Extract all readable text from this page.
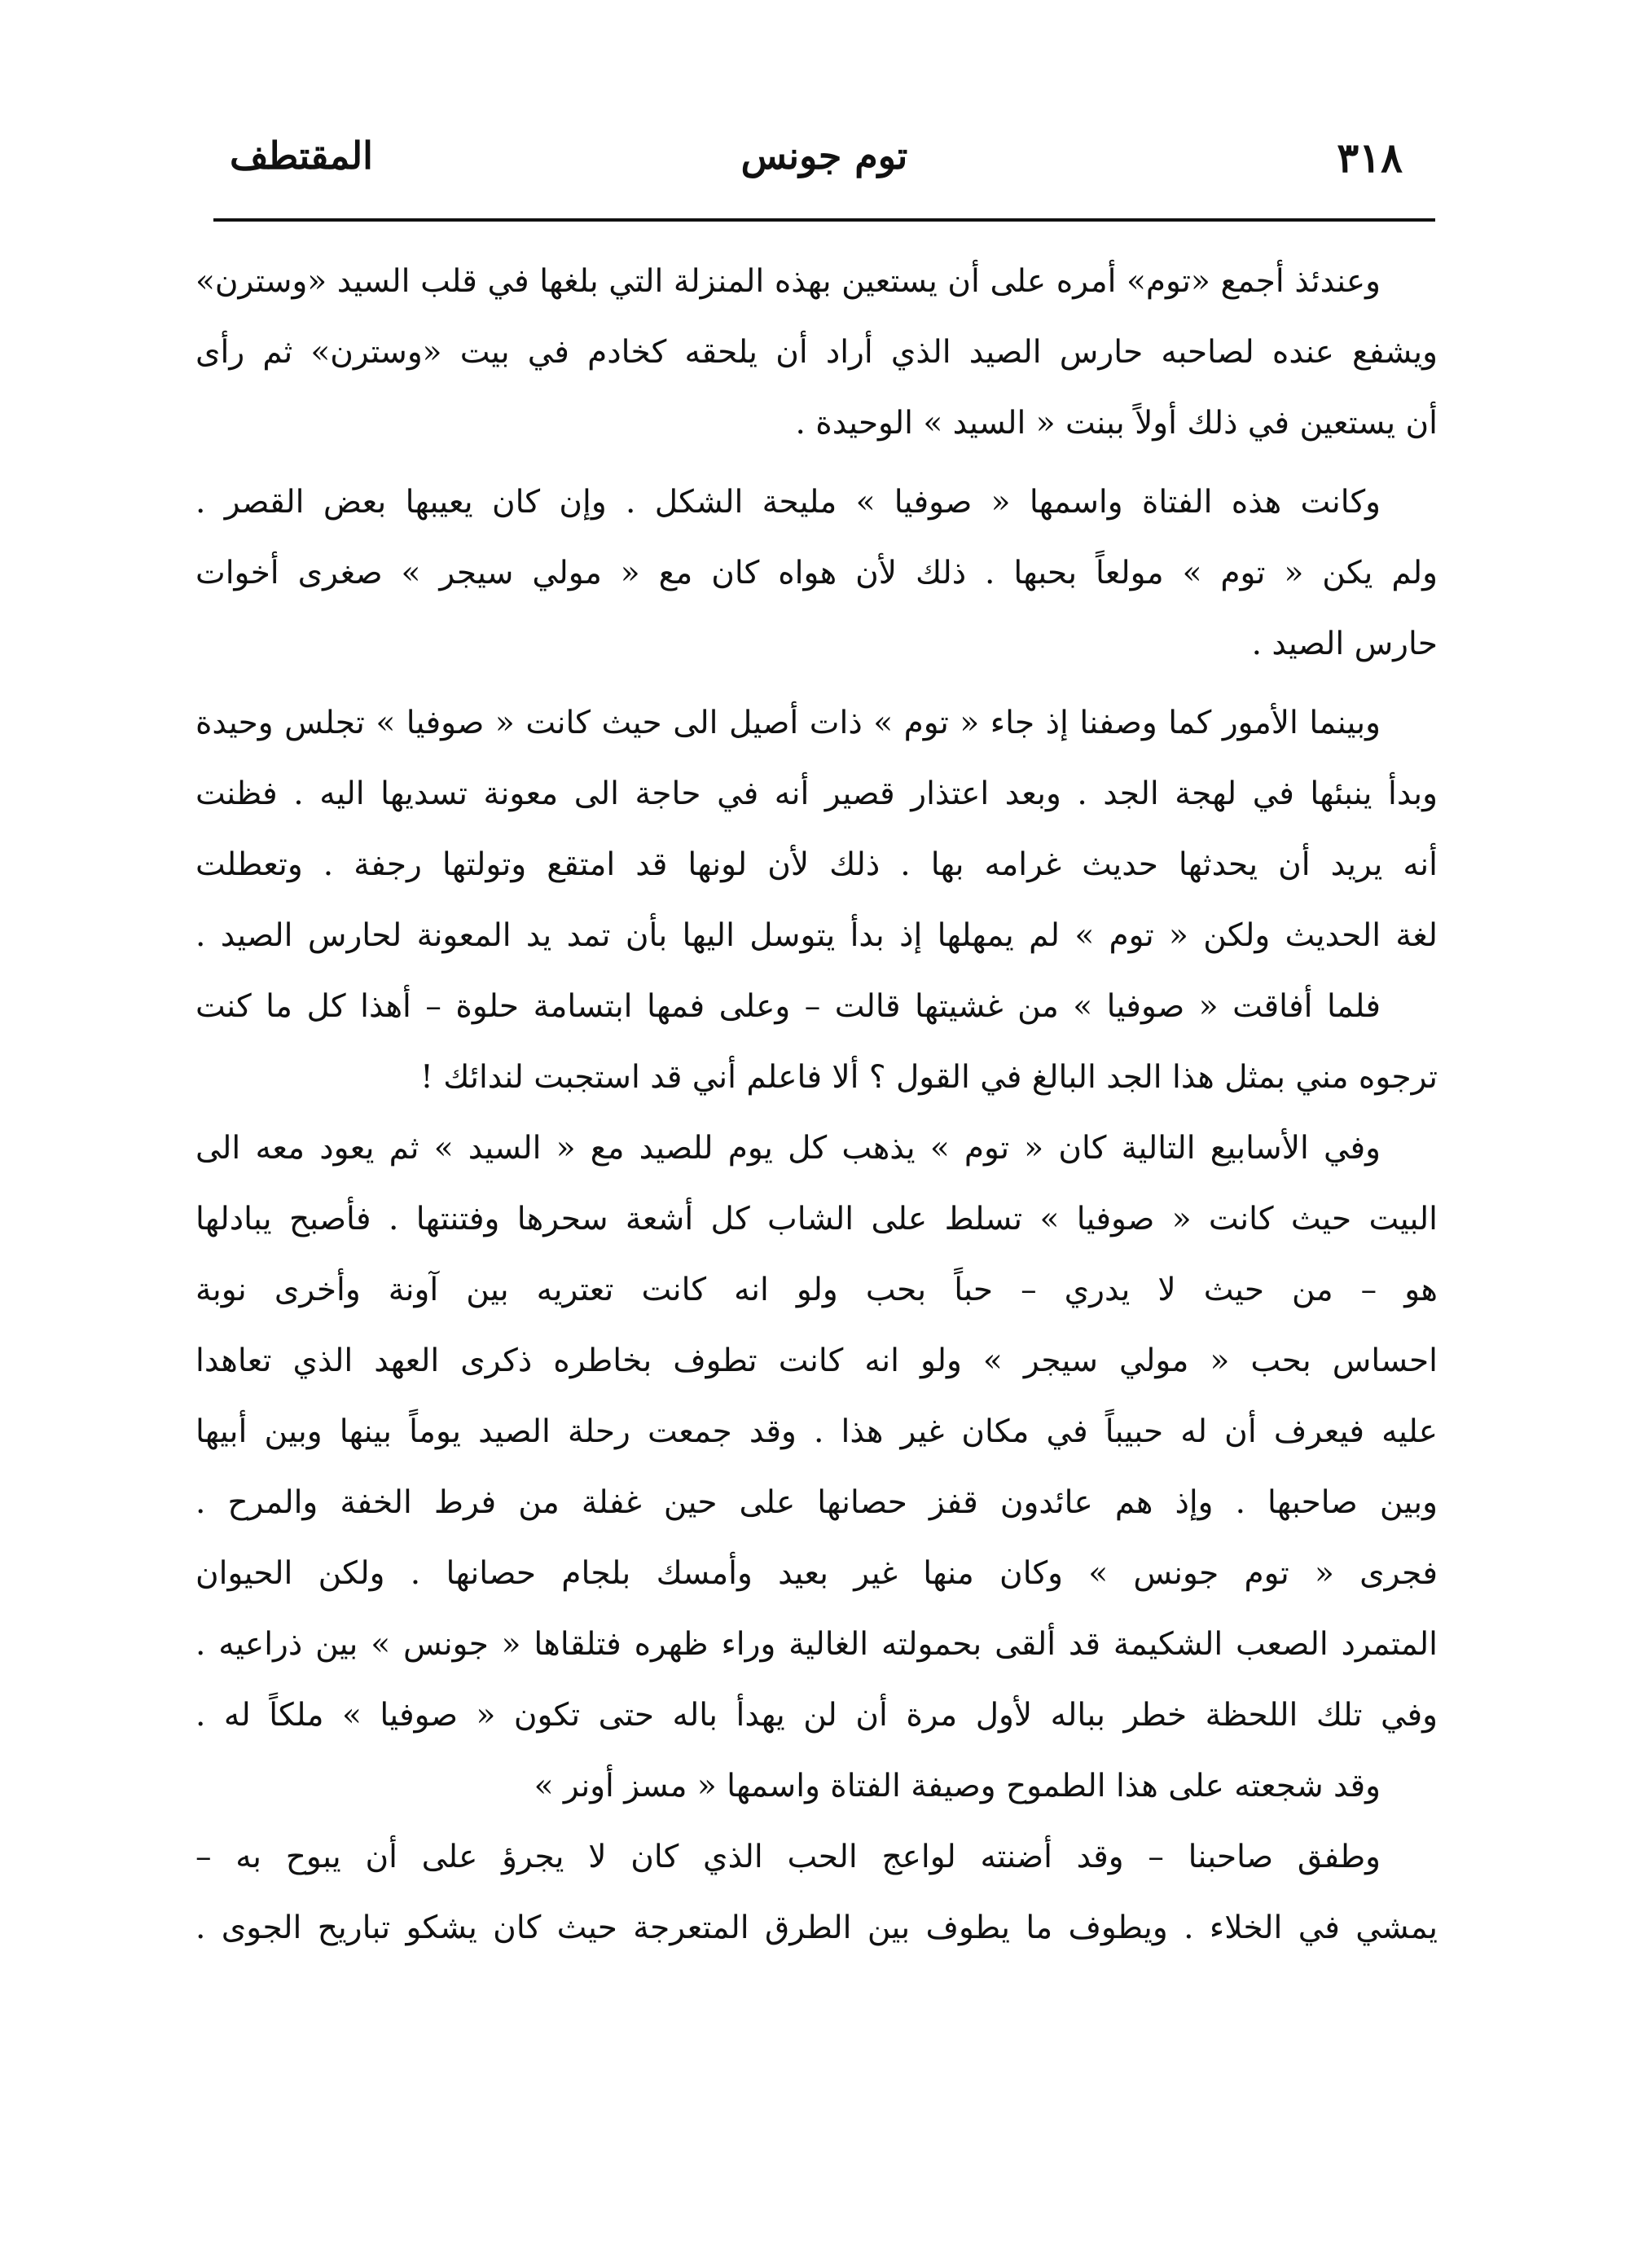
٣١٨
توم جونس
المقتطف
وعندئذ أجمع «توم» أمره على أن يستعين بهذه المنزلة التي بلغها في قلب السيد «وسترن»
ويشفع عنده لصاحبه حارس الصيد الذي أراد أن يلحقه كخادم في بيت «وسترن» ثم رأى
أن يستعين في ذلك أولاً ببنت « السيد » الوحيدة .
وكانت هذه الفتاة واسمها « صوفيا » مليحة الشكل . وإن كان يعيبها بعض القصر .
ولم يكن « توم » مولعاً بحبها . ذلك لأن هواه كان مع « مولي سيجر » صغرى أخوات
حارس الصيد .
وبينما الأمور كما وصفنا إذ جاء « توم » ذات أصيل الى حيث كانت « صوفيا » تجلس وحيدة
وبدأ ينبئها في لهجة الجد . وبعد اعتذار قصير أنه في حاجة الى معونة تسديها اليه . فظنت
أنه يريد أن يحدثها حديث غرامه بها . ذلك لأن لونها قد امتقع وتولتها رجفة . وتعطلت
لغة الحديث ولكن « توم » لم يمهلها إذ بدأ يتوسل اليها بأن تمد يد المعونة لحارس الصيد .
فلما أفاقت « صوفيا » من غشيتها قالت – وعلى فمها ابتسامة حلوة – أهذا كل ما كنت
ترجوه مني بمثل هذا الجد البالغ في القول ؟ ألا فاعلم أني قد استجبت لندائك !
وفي الأسابيع التالية كان « توم » يذهب كل يوم للصيد مع « السيد » ثم يعود معه الى
البيت حيث كانت « صوفيا » تسلط على الشاب كل أشعة سحرها وفتنتها . فأصبح يبادلها
هو – من حيث لا يدري – حباً بحب ولو انه كانت تعتريه بين آونة وأخرى نوبة
احساس بحب « مولي سيجر » ولو انه كانت تطوف بخاطره ذكرى العهد الذي تعاهدا
عليه فيعرف أن له حبيباً في مكان غير هذا . وقد جمعت رحلة الصيد يوماً بينها وبين أبيها
وبين صاحبها . وإذ هم عائدون قفز حصانها على حين غفلة من فرط الخفة والمرح .
فجرى « توم جونس » وكان منها غير بعيد وأمسك بلجام حصانها . ولكن الحيوان
المتمرد الصعب الشكيمة قد ألقى بحمولته الغالية وراء ظهره فتلقاها « جونس » بين ذراعيه .
وفي تلك اللحظة خطر بباله لأول مرة أن لن يهدأ باله حتى تكون « صوفيا » ملكاً له .
وقد شجعته على هذا الطموح وصيفة الفتاة واسمها « مسز أونر »
وطفق صاحبنا – وقد أضنته لواعج الحب الذي كان لا يجرؤ على أن يبوح به –
يمشي في الخلاء . ويطوف ما يطوف بين الطرق المتعرجة حيث كان يشكو تباريح الجوى .
